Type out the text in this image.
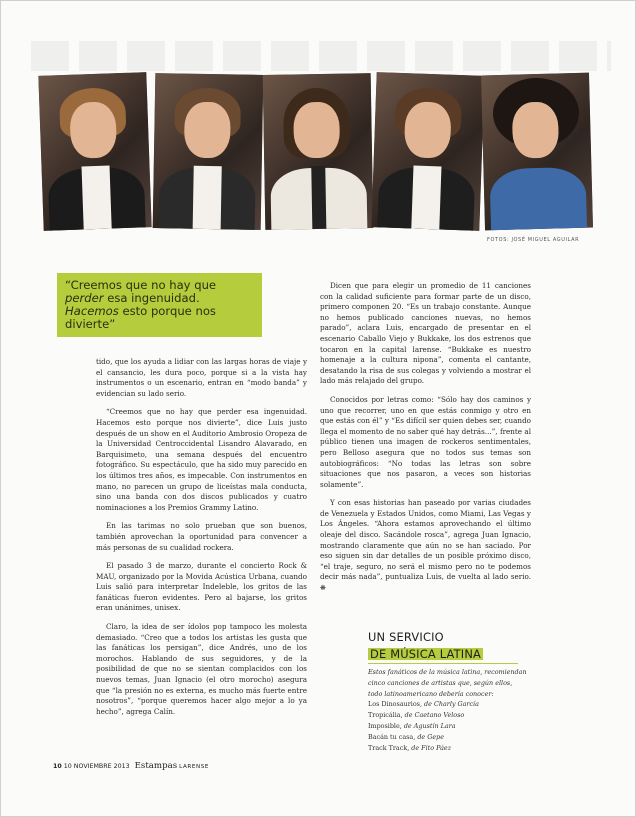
FOTOS: JOSÉ MIGUEL AGUILAR
“Creemos que no hay que perder esa ingenuidad. Hacemos esto porque nos divierte”

tido, que los ayuda a lidiar con las largas horas de viaje y el cansancio, les dura poco, porque si a la vista hay instrumentos o un escenario, entran en “modo banda” y evidencian su lado serio.

“Creemos que no hay que perder esa ingenuidad. Hacemos esto porque nos divierte”, dice Luis justo después de un show en el Auditorio Ambrosio Oropeza de la Universidad Centroccidental Lisandro Alavarado, en Barquisimeto, una semana después del encuentro fotográfico. Su espectáculo, que ha sido muy parecido en los últimos tres años, es impecable. Con instrumentos en mano, no parecen un grupo de liceístas mala conducta, sino una banda con dos discos publicados y cuatro nominaciones a los Premios Grammy Latino.

En las tarimas no solo prueban que son buenos, también aprovechan la oportunidad para convencer a más personas de su cualidad rockera.

El pasado 3 de marzo, durante el concierto Rock & MAU, organizado por la Movida Acústica Urbana, cuando Luis salió para interpretar Indeleble, los gritos de las fanáticas fueron evidentes. Pero al bajarse, los gritos eran unánimes, unisex.

Claro, la idea de ser ídolos pop tampoco les molesta demasiado. “Creo que a todos los artistas les gusta que las fanáticas los persigan”, dice Andrés, uno de los morochos. Hablando de sus seguidores, y de la posibilidad de que no se sientan complacidos con los nuevos temas, Juan Ignacio (el otro morocho) asegura que “la presión no es externa, es mucho más fuerte entre nosotros”, “porque queremos hacer algo mejor a lo ya hecho”, agrega Calín.

Dicen que para elegir un promedio de 11 canciones con la calidad suficiente para formar parte de un disco, primero componen 20. “Es un trabajo constante. Aunque no hemos publicado canciones nuevas, no hemos parado”, aclara Luis, encargado de presentar en el escenario Caballo Viejo y Bukkake, los dos estrenos que tocaron en la capital larense. “Bukkake es nuestro homenaje a la cultura nipona”, comenta el cantante, desatando la risa de sus colegas y volviendo a mostrar el lado más relajado del grupo.

Conocidos por letras como: “Sólo hay dos caminos y uno que recorrer, uno en que estás conmigo y otro en que estás con él” y “Es difícil ser quien debes ser, cuando llega el momento de no saber qué hay detrás...”, frente al público tienen una imagen de rockeros sentimentales, pero Belloso asegura que no todos sus temas son autobiográficos: “No todas las letras son sobre situaciones que nos pasaron, a veces son historias solamente”.

Y con esas historias han paseado por varias ciudades de Venezuela y Estados Unidos, como Miami, Las Vegas y Los Ángeles. “Ahora estamos aprovechando el último oleaje del disco. Sacándole rosca”, agrega Juan Ignacio, mostrando claramente que aún no se han saciado. Por eso siguen sin dar detalles de un posible próximo disco, “el traje, seguro, no será el mismo pero no te podemos decir más nada”, puntualiza Luis, de vuelta al lado serio. ❋

UN SERVICIO
DE MÚSICA LATINA
Estos fanáticos de la música latina, recomiendan cinco canciones de artistas que, según ellos, todo latinoamericano debería conocer:
Los Dinosaurios, de Charly García
Tropicália, de Caetano Veloso
Imposible, de Agustín Lara
Bacán tu casa, de Gepe
Track Track, de Fito Páez
10 10 NOVIEMBRE 2013 Estampas LARENSE
